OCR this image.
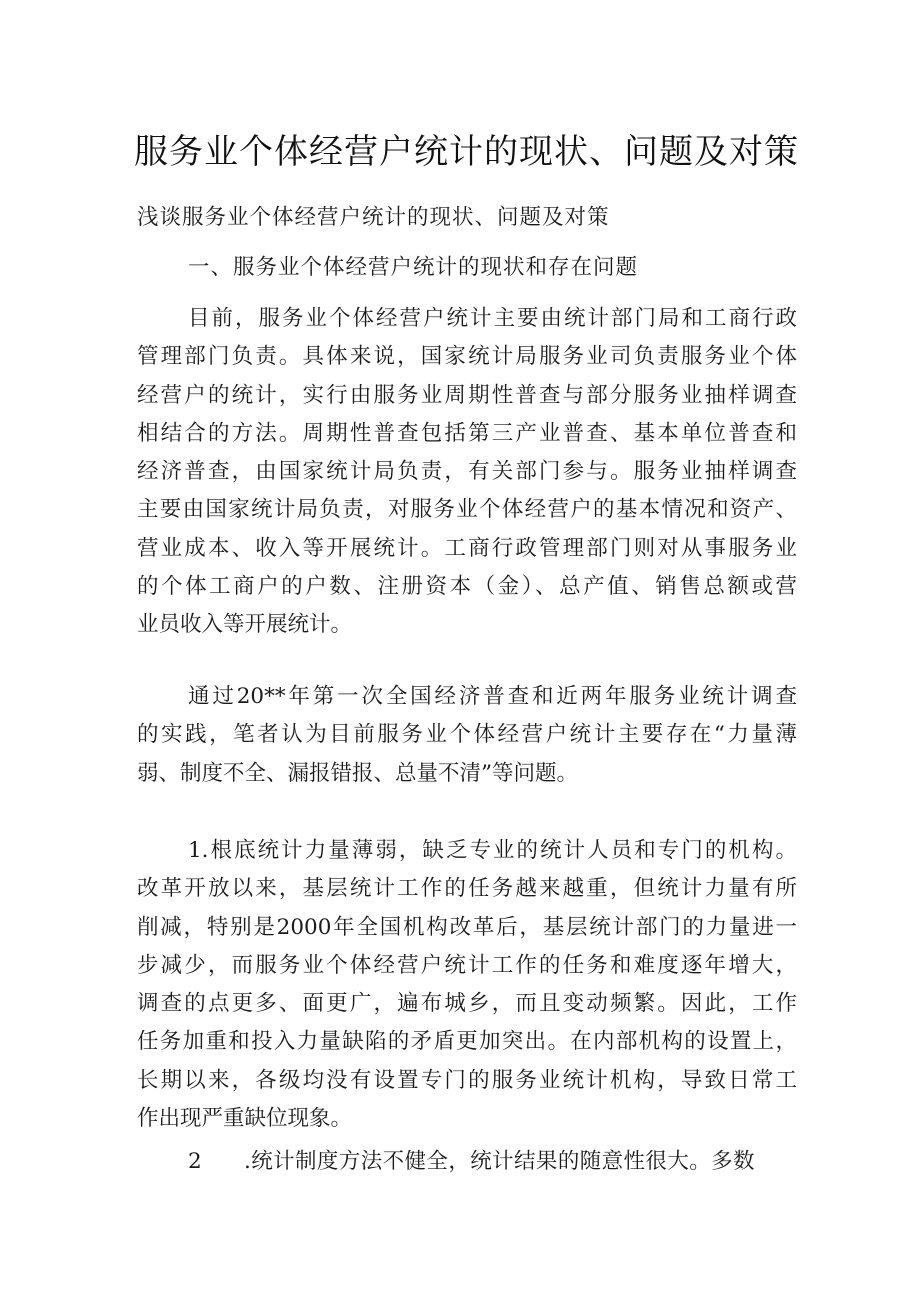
服务业个体经营户统计的现状、问题及对策
浅谈服务业个体经营户统计的现状、问题及对策
一、服务业个体经营户统计的现状和存在问题
目前，服务业个体经营户统计主要由统计部门局和工商行政
管理部门负责。具体来说，国家统计局服务业司负责服务业个体
经营户的统计，实行由服务业周期性普查与部分服务业抽样调查
相结合的方法。周期性普查包括第三产业普查、基本单位普查和
经济普查，由国家统计局负责，有关部门参与。服务业抽样调查
主要由国家统计局负责，对服务业个体经营户的基本情况和资产、
营业成本、收入等开展统计。工商行政管理部门则对从事服务业
的个体工商户的户数、注册资本（金）、总产值、销售总额或营
业员收入等开展统计。
通过20**年第一次全国经济普查和近两年服务业统计调查
的实践，笔者认为目前服务业个体经营户统计主要存在“力量薄
弱、制度不全、漏报错报、总量不清”等问题。
1.根底统计力量薄弱，缺乏专业的统计人员和专门的机构。
改革开放以来，基层统计工作的任务越来越重，但统计力量有所
削减，特别是2000年全国机构改革后，基层统计部门的力量进一
步减少，而服务业个体经营户统计工作的任务和难度逐年增大，
调查的点更多、面更广，遍布城乡，而且变动频繁。因此，工作
任务加重和投入力量缺陷的矛盾更加突出。在内部机构的设置上，
长期以来，各级均没有设置专门的服务业统计机构，导致日常工
作出现严重缺位现象。
2 .统计制度方法不健全，统计结果的随意性很大。多数
